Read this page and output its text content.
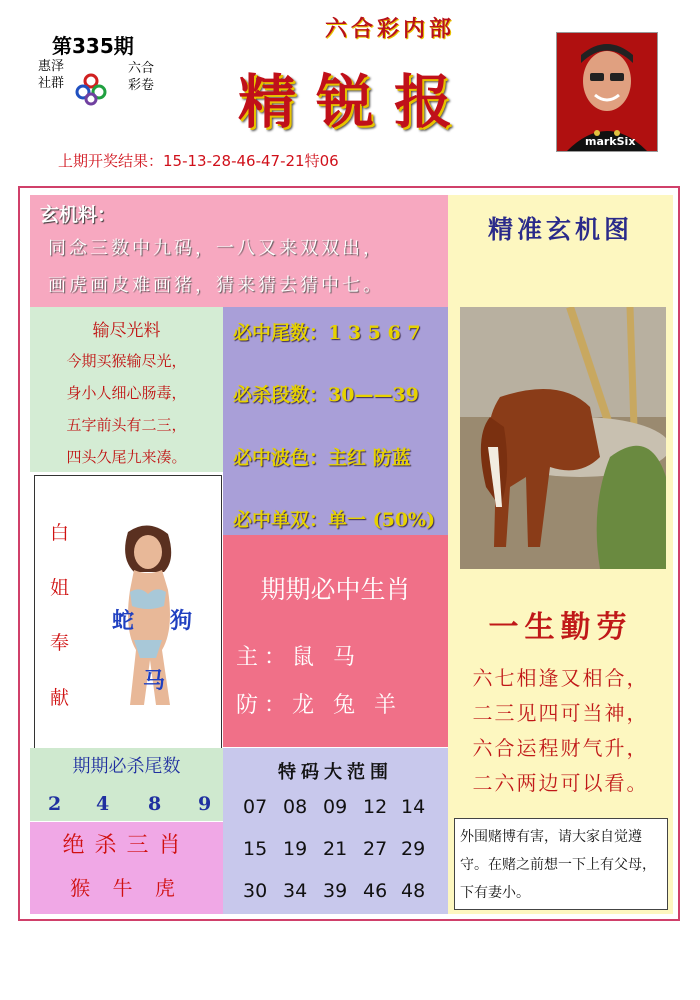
第335期
惠泽
社群
六合
彩卷
六合彩内部
精锐报
markSix
上期开奖结果：15-13-28-46-47-21特06
玄机料：
同念三数中九码，一八又来双双出，
画虎画皮难画猪，猜来猜去猜中七。
输尽光料
今期买猴输尽光，
身小人细心肠毒，
五字前头有二三，
四头久尾九来凑。
必中尾数：1 3 5 6 7
必杀段数：30——39
必中波色：主红 防蓝
必中单双：单一 (50%)
白
姐
奉
献
蛇 狗
马
期期必中生肖
主：鼠 马
防：龙 兔 羊
期期必杀尾数
2 4 8 9
绝杀三肖
猴 牛 虎
特码大范围
07 08 09 12 14
15 19 21 27 29
30 34 39 46 48
精准玄机图
一生勤劳
六七相逢又相合，
二三见四可当神，
六合运程财气升，
二六两边可以看。
外围赌博有害，请大家自觉遵守。在赌之前想一下上有父母，下有妻小。
